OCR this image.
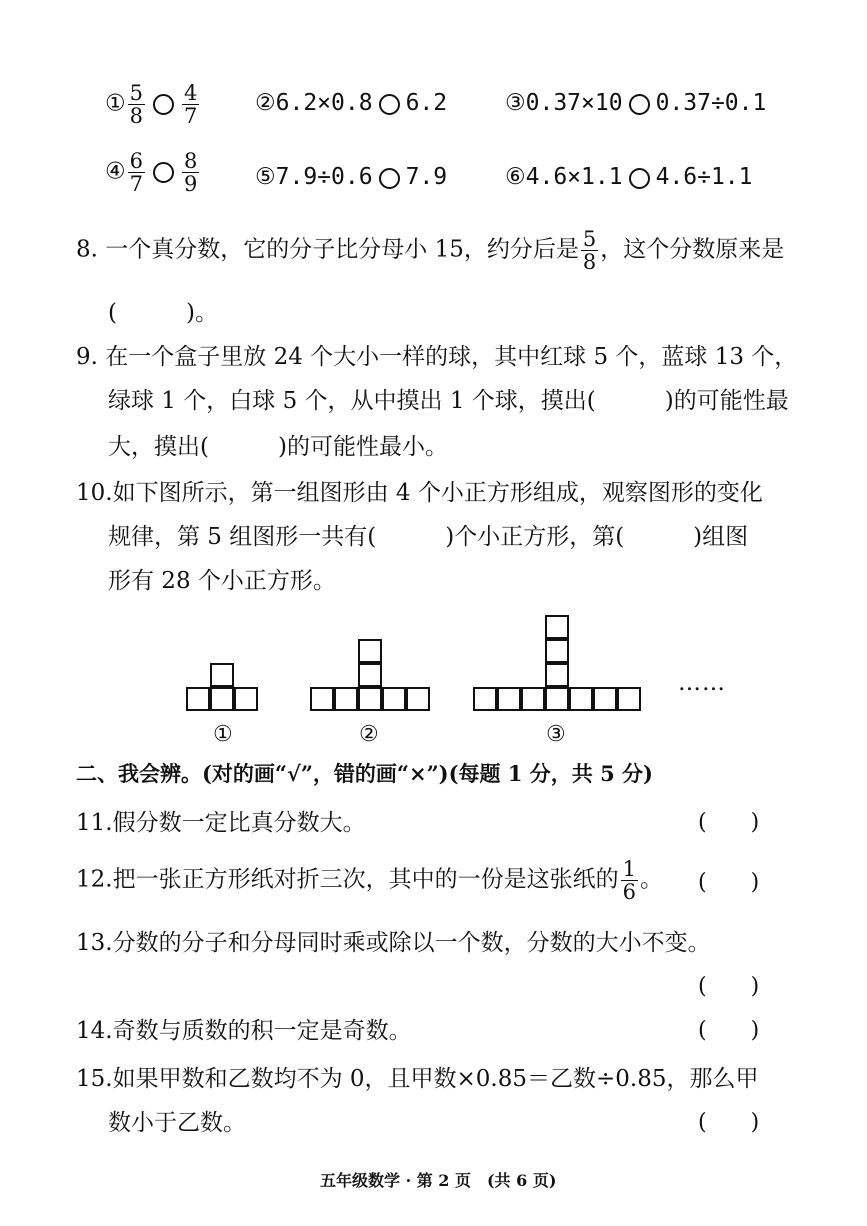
① $\frac{5}{8} \frac{4}{7}$ ②6.2×0.8 6.2	③0.37×10 0.37÷0.1
④ $\frac{6}{7} \frac{8}{9}$ ⑤7.9÷0.6 7.9	⑥4.6×1.1 4.6÷1.1
8. 一个真分数，它的分子比分母小 15，约分后是 $\frac{5}{8}$ ，这个分数原来是
(　　　)。
9. 在一个盒子里放 24 个大小一样的球，其中红球 5 个，蓝球 13 个，
绿球 1 个，白球 5 个，从中摸出 1 个球，摸出(　　　)的可能性最
大，摸出(　　　)的可能性最小。
10.如下图所示，第一组图形由 4 个小正方形组成，观察图形的变化
规律，第 5 组图形一共有(　　　)个小正方形，第(　　　)组图
形有 28 个小正方形。
①	②	③
……
二、我会辨。(对的画“√”，错的画“×”)(每题 1 分，共 5 分)
11.假分数一定比真分数大。	(　　)
12.把一张正方形纸对折三次，其中的一份是这张纸的 $\frac{1}{6}$ 。 (　　)
13.分数的分子和分母同时乘或除以一个数，分数的大小不变。
(　　)
14.奇数与质数的积一定是奇数。	(　　)
15.如果甲数和乙数均不为 0，且甲数×0.85＝乙数÷0.85，那么甲
数小于乙数。	(　　)
五年级数学 · 第 2 页　(共 6 页)
